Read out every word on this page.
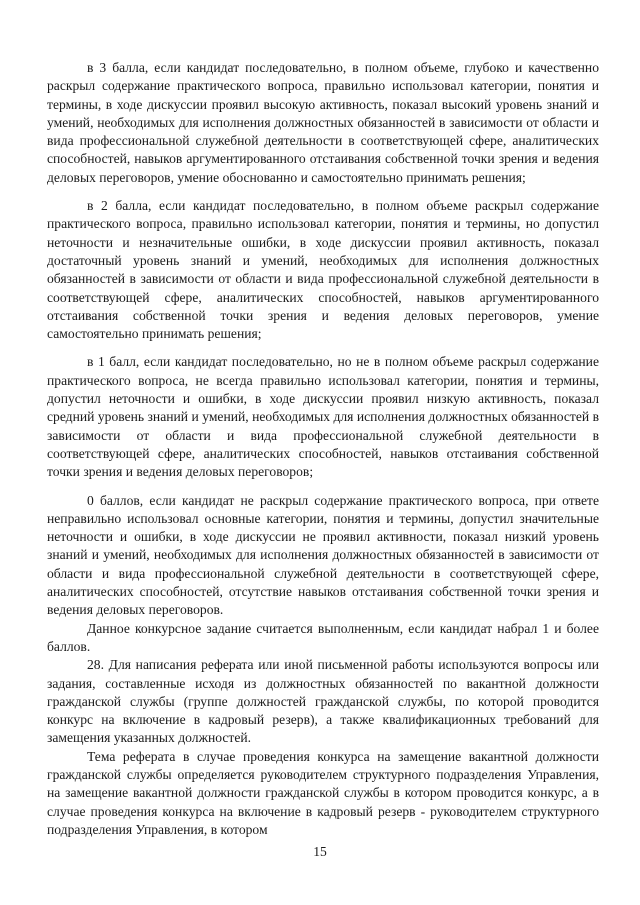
в 3 балла, если кандидат последовательно, в полном объеме, глубоко и качественно раскрыл содержание практического вопроса, правильно использовал категории, понятия и термины, в ходе дискуссии проявил высокую активность, показал высокий уровень знаний и умений, необходимых для исполнения должностных обязанностей в зависимости от области и вида профессиональной служебной деятельности в соответствующей сфере, аналитических способностей, навыков аргументированного отстаивания собственной точки зрения и ведения деловых переговоров, умение обоснованно и самостоятельно принимать решения;

в 2 балла, если кандидат последовательно, в полном объеме раскрыл содержание практического вопроса, правильно использовал категории, понятия и термины, но допустил неточности и незначительные ошибки, в ходе дискуссии проявил активность, показал достаточный уровень знаний и умений, необходимых для исполнения должностных обязанностей в зависимости от области и вида профессиональной служебной деятельности в соответствующей сфере, аналитических способностей, навыков аргументированного отстаивания собственной точки зрения и ведения деловых переговоров, умение самостоятельно принимать решения;

в 1 балл, если кандидат последовательно, но не в полном объеме раскрыл содержание практического вопроса, не всегда правильно использовал категории, понятия и термины, допустил неточности и ошибки, в ходе дискуссии проявил низкую активность, показал средний уровень знаний и умений, необходимых для исполнения должностных обязанностей в зависимости от области и вида профессиональной служебной деятельности в соответствующей сфере, аналитических способностей, навыков отстаивания собственной точки зрения и ведения деловых переговоров;

0 баллов, если кандидат не раскрыл содержание практического вопроса, при ответе неправильно использовал основные категории, понятия и термины, допустил значительные неточности и ошибки, в ходе дискуссии не проявил активности, показал низкий уровень знаний и умений, необходимых для исполнения должностных обязанностей в зависимости от области и вида профессиональной служебной деятельности в соответствующей сфере, аналитических способностей, отсутствие навыков отстаивания собственной точки зрения и ведения деловых переговоров.

Данное конкурсное задание считается выполненным, если кандидат набрал 1 и более баллов.

28. Для написания реферата или иной письменной работы используются вопросы или задания, составленные исходя из должностных обязанностей по вакантной должности гражданской службы (группе должностей гражданской службы, по которой проводится конкурс на включение в кадровый резерв), а также квалификационных требований для замещения указанных должностей.

Тема реферата в случае проведения конкурса на замещение вакантной должности гражданской службы определяется руководителем структурного подразделения Управления, на замещение вакантной должности гражданской службы в котором проводится конкурс, а в случае проведения конкурса на включение в кадровый резерв - руководителем структурного подразделения Управления, в котором

15
